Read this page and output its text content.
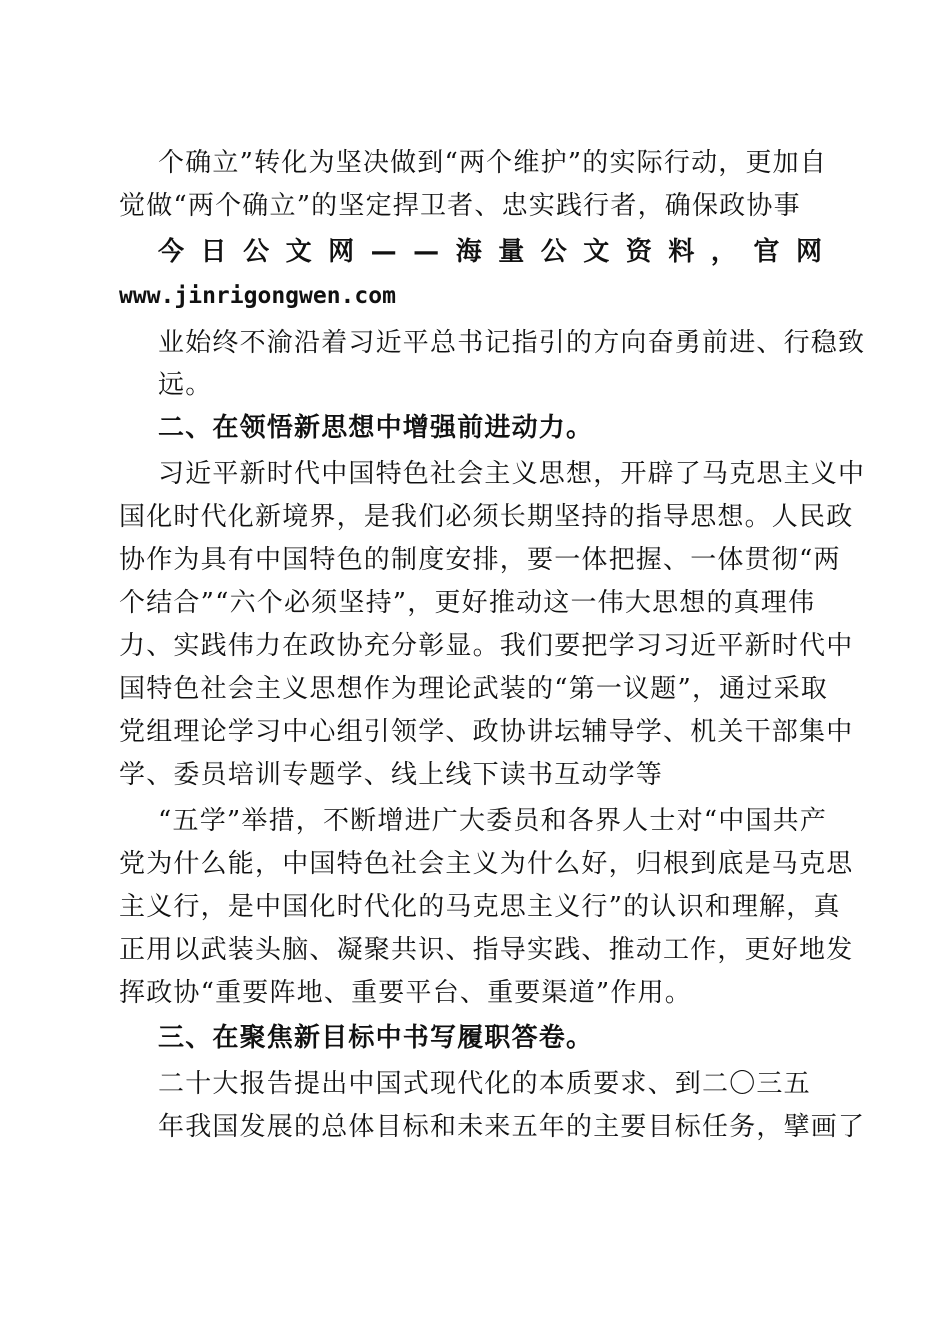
个确立”转化为坚决做到“两个维护”的实际行动，更加自
觉做“两个确立”的坚定捍卫者、忠实践行者，确保政协事
今 日 公 文 网 — — 海 量 公 文 资 料 ， 官 网
www.jinrigongwen.com
业始终不渝沿着习近平总书记指引的方向奋勇前进、行稳致
远。
二、在领悟新思想中增强前进动力。
习近平新时代中国特色社会主义思想，开辟了马克思主义中
国化时代化新境界，是我们必须长期坚持的指导思想。人民政
协作为具有中国特色的制度安排，要一体把握、一体贯彻“两
个结合”“六个必须坚持”，更好推动这一伟大思想的真理伟
力、实践伟力在政协充分彰显。我们要把学习习近平新时代中
国特色社会主义思想作为理论武装的“第一议题”，通过采取
党组理论学习中心组引领学、政协讲坛辅导学、机关干部集中
学、委员培训专题学、线上线下读书互动学等
“五学”举措，不断增进广大委员和各界人士对“中国共产
党为什么能，中国特色社会主义为什么好，归根到底是马克思
主义行，是中国化时代化的马克思主义行”的认识和理解，真
正用以武装头脑、凝聚共识、指导实践、推动工作，更好地发
挥政协“重要阵地、重要平台、重要渠道”作用。
三、在聚焦新目标中书写履职答卷。
二十大报告提出中国式现代化的本质要求、到二〇三五
年我国发展的总体目标和未来五年的主要目标任务，擘画了
